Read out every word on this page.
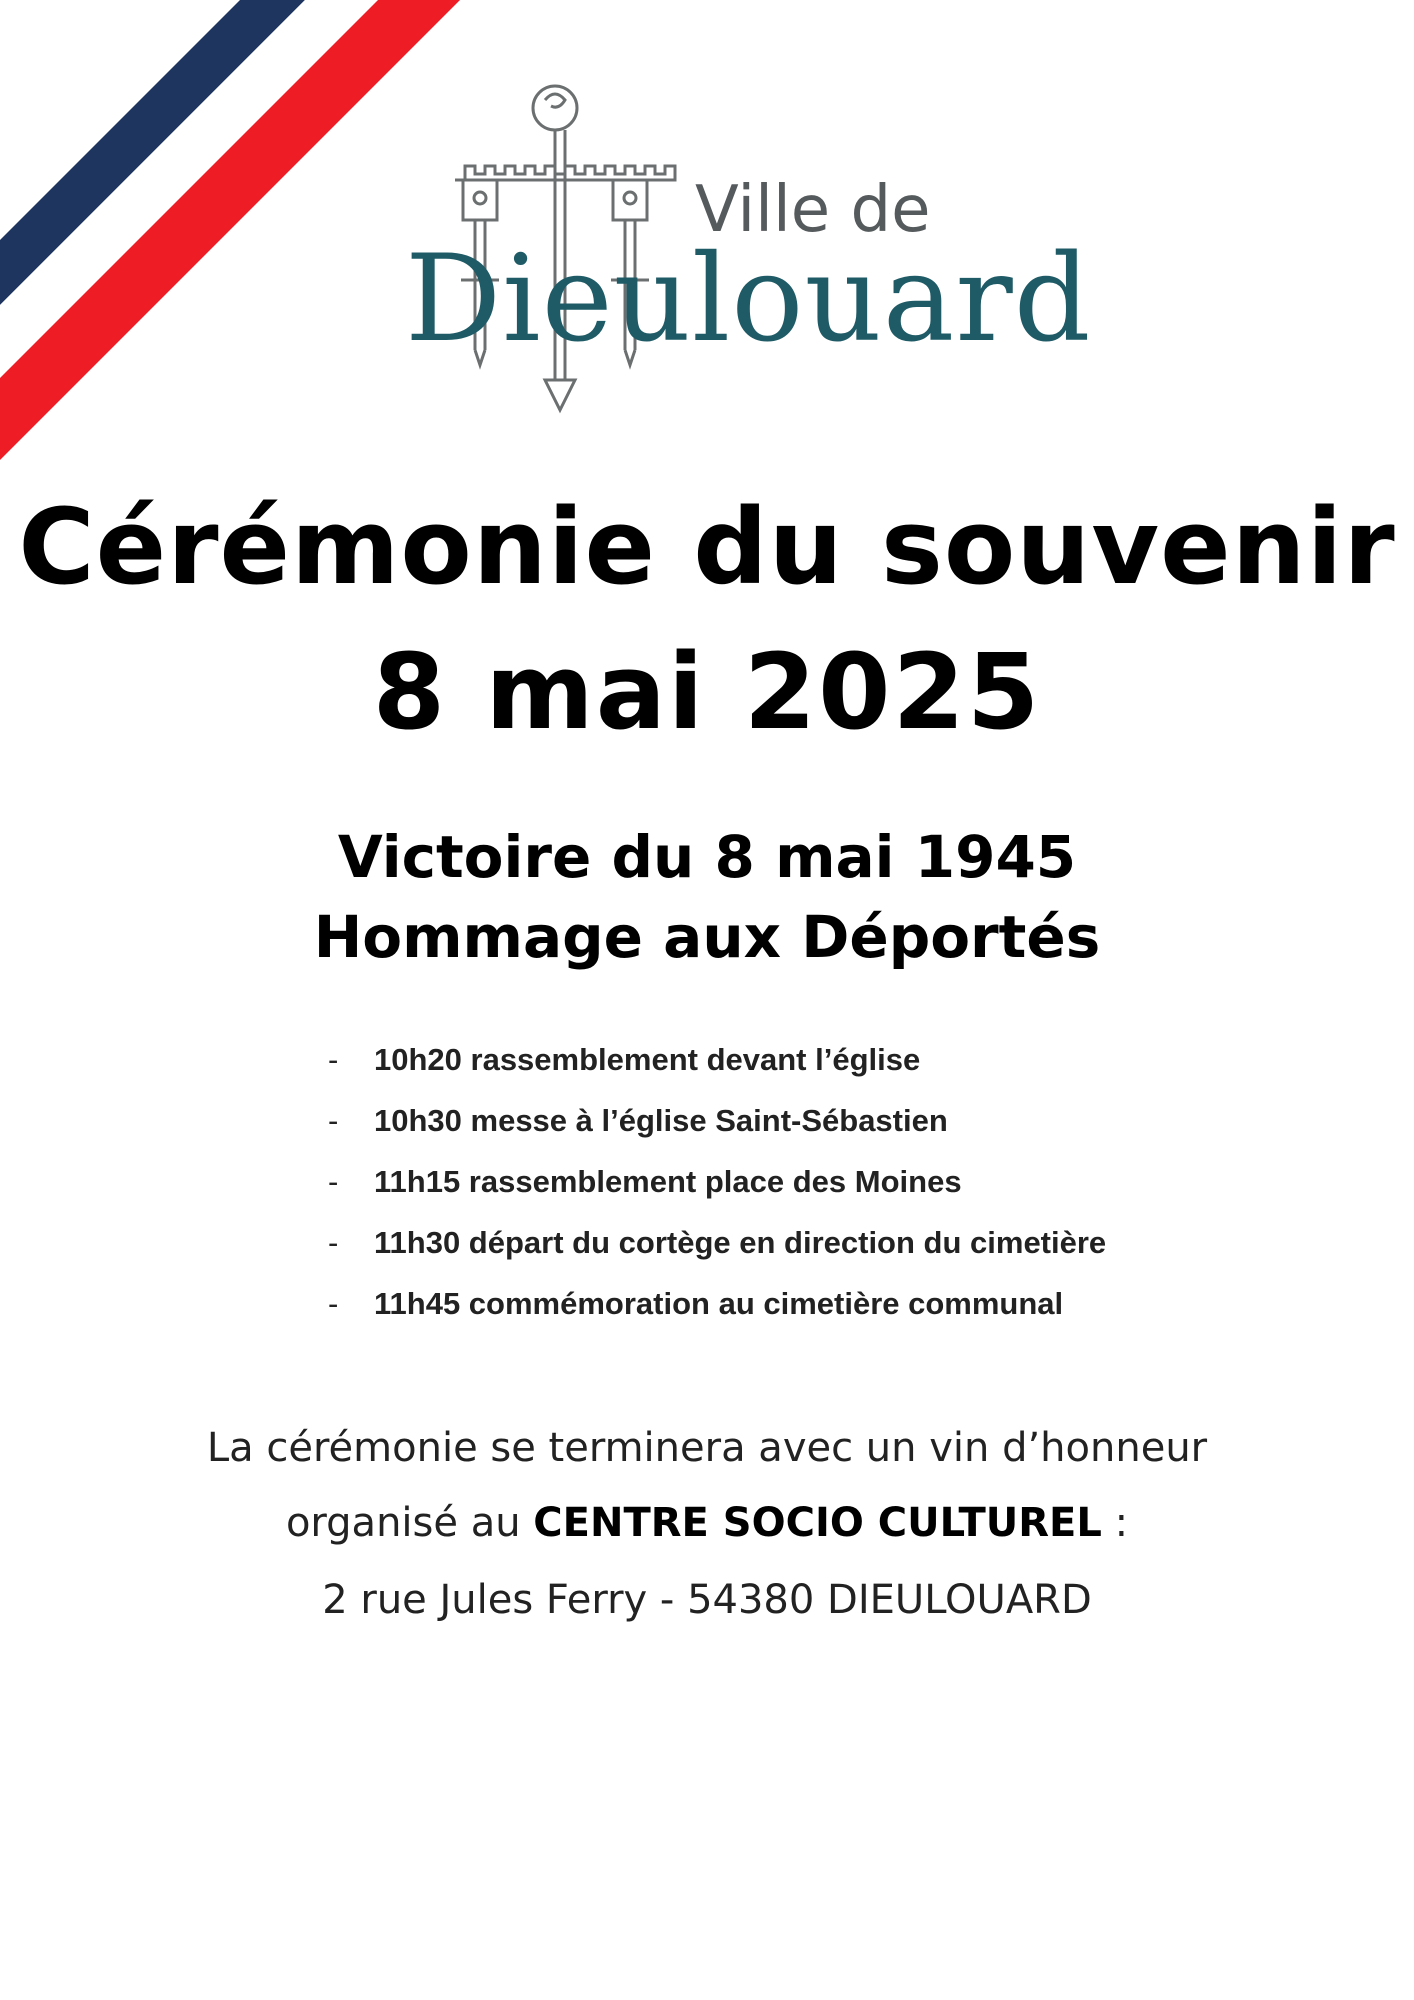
Ville de
Dieulouard
Cérémonie du souvenir
8 mai 2025
Victoire du 8 mai 1945
Hommage aux Déportés
- 10h20 rassemblement devant l’église
- 10h30 messe à l’église Saint-Sébastien
- 11h15 rassemblement place des Moines
- 11h30 départ du cortège en direction du cimetière
- 11h45 commémoration au cimetière communal
La cérémonie se terminera avec un vin d’honneur
organisé au CENTRE SOCIO CULTUREL :
2 rue Jules Ferry - 54380 DIEULOUARD
